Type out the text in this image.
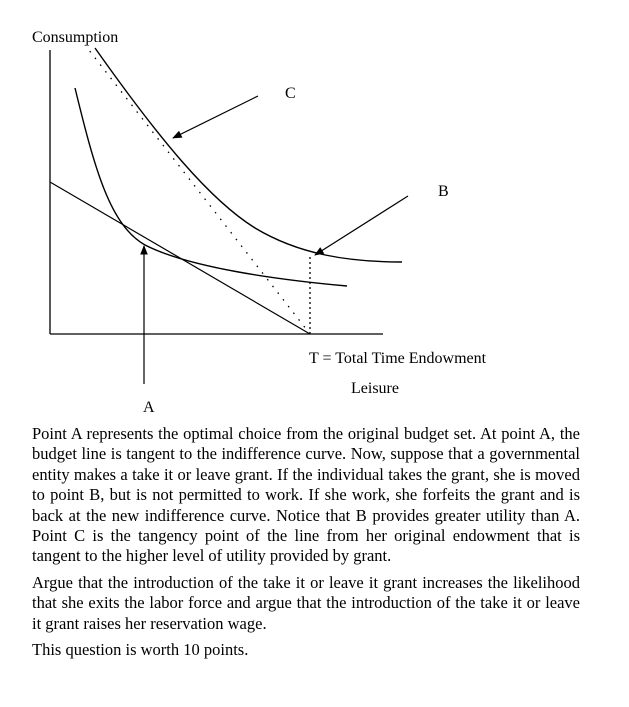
Consumption
C
B
A
T = Total Time Endowment
Leisure

Point A represents the optimal choice from the original budget set. At point A, the budget line is tangent to the indifference curve. Now, suppose that a governmental entity makes a take it or leave grant. If the individual takes the grant, she is moved to point B, but is not permitted to work. If she work, she forfeits the grant and is back at the new indifference curve. Notice that B provides greater utility than A. Point C is the tangency point of the line from her original endowment that is tangent to the higher level of utility provided by grant.

Argue that the introduction of the take it or leave it grant increases the likelihood that she exits the labor force and argue that the introduction of the take it or leave it grant raises her reservation wage.

This question is worth 10 points.
